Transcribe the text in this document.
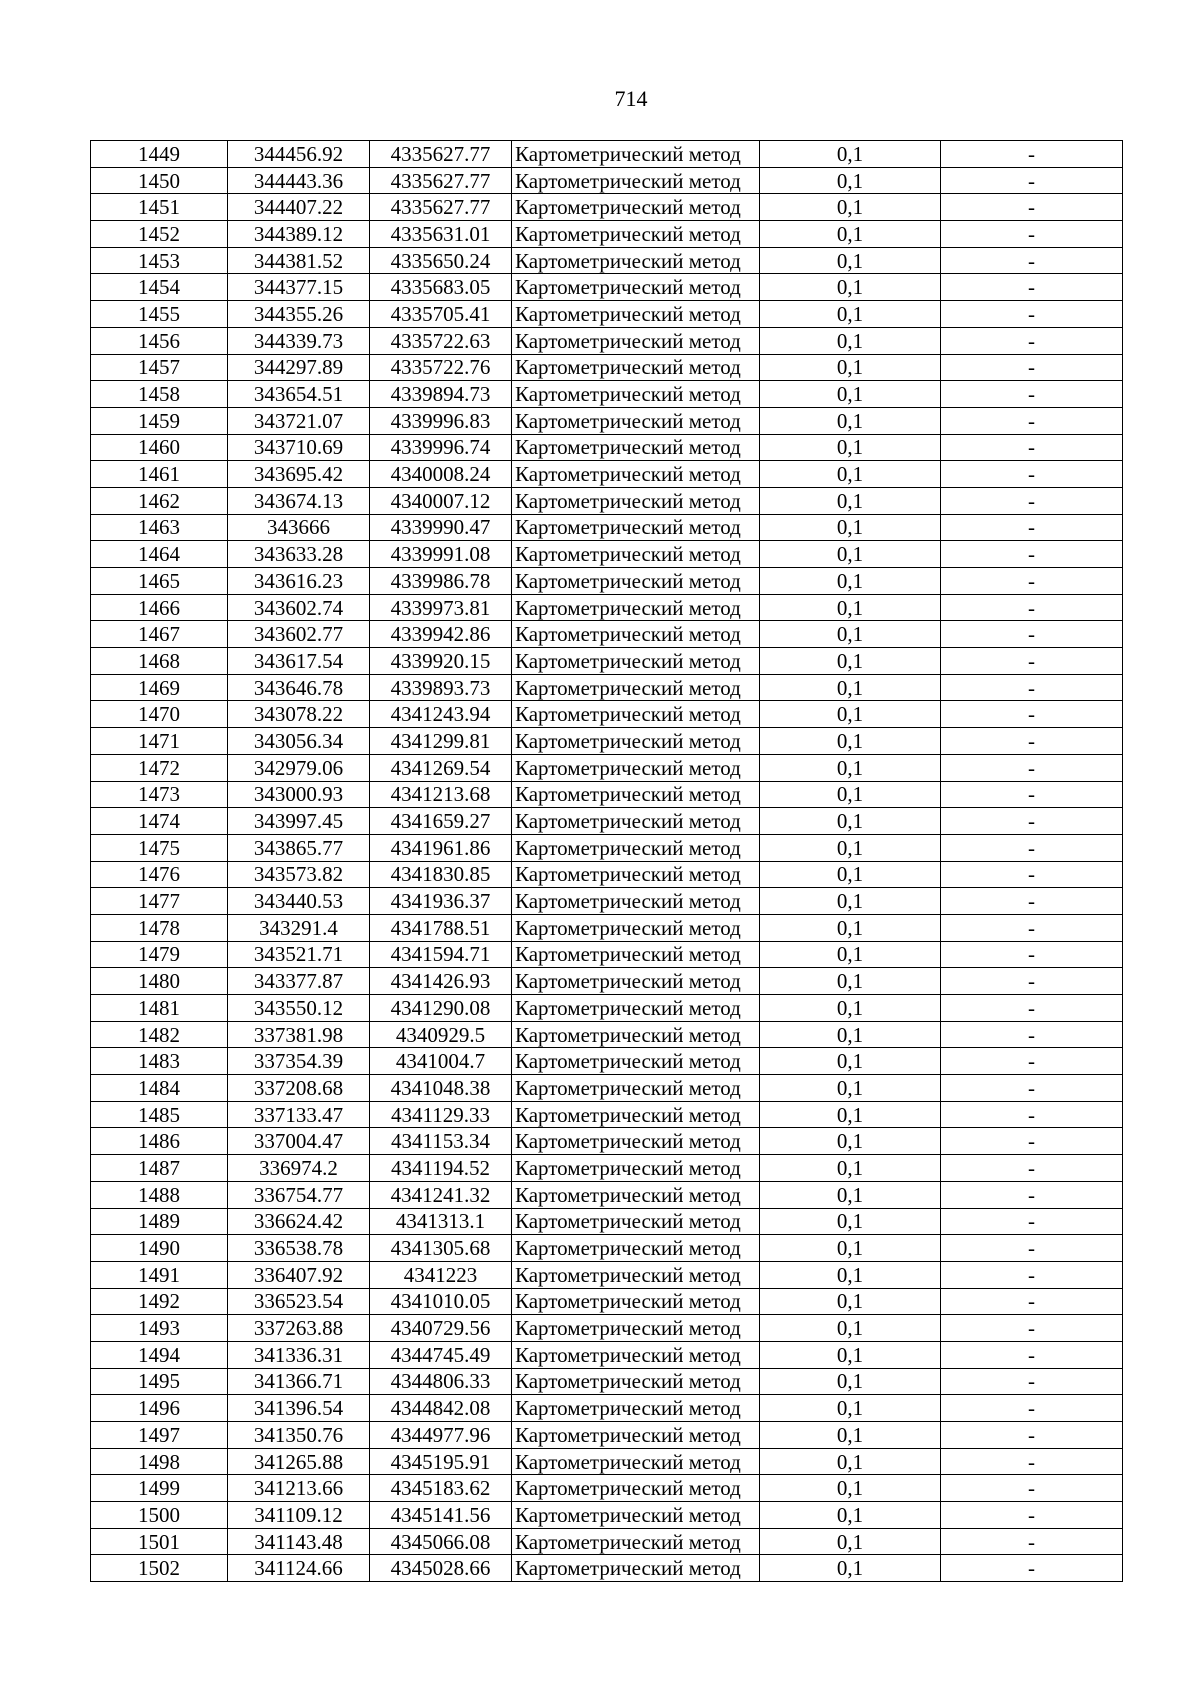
714
1449	344456.92	4335627.77	Картометрический метод	0,1	-
1450	344443.36	4335627.77	Картометрический метод	0,1	-
1451	344407.22	4335627.77	Картометрический метод	0,1	-
1452	344389.12	4335631.01	Картометрический метод	0,1	-
1453	344381.52	4335650.24	Картометрический метод	0,1	-
1454	344377.15	4335683.05	Картометрический метод	0,1	-
1455	344355.26	4335705.41	Картометрический метод	0,1	-
1456	344339.73	4335722.63	Картометрический метод	0,1	-
1457	344297.89	4335722.76	Картометрический метод	0,1	-
1458	343654.51	4339894.73	Картометрический метод	0,1	-
1459	343721.07	4339996.83	Картометрический метод	0,1	-
1460	343710.69	4339996.74	Картометрический метод	0,1	-
1461	343695.42	4340008.24	Картометрический метод	0,1	-
1462	343674.13	4340007.12	Картометрический метод	0,1	-
1463	343666	4339990.47	Картометрический метод	0,1	-
1464	343633.28	4339991.08	Картометрический метод	0,1	-
1465	343616.23	4339986.78	Картометрический метод	0,1	-
1466	343602.74	4339973.81	Картометрический метод	0,1	-
1467	343602.77	4339942.86	Картометрический метод	0,1	-
1468	343617.54	4339920.15	Картометрический метод	0,1	-
1469	343646.78	4339893.73	Картометрический метод	0,1	-
1470	343078.22	4341243.94	Картометрический метод	0,1	-
1471	343056.34	4341299.81	Картометрический метод	0,1	-
1472	342979.06	4341269.54	Картометрический метод	0,1	-
1473	343000.93	4341213.68	Картометрический метод	0,1	-
1474	343997.45	4341659.27	Картометрический метод	0,1	-
1475	343865.77	4341961.86	Картометрический метод	0,1	-
1476	343573.82	4341830.85	Картометрический метод	0,1	-
1477	343440.53	4341936.37	Картометрический метод	0,1	-
1478	343291.4	4341788.51	Картометрический метод	0,1	-
1479	343521.71	4341594.71	Картометрический метод	0,1	-
1480	343377.87	4341426.93	Картометрический метод	0,1	-
1481	343550.12	4341290.08	Картометрический метод	0,1	-
1482	337381.98	4340929.5	Картометрический метод	0,1	-
1483	337354.39	4341004.7	Картометрический метод	0,1	-
1484	337208.68	4341048.38	Картометрический метод	0,1	-
1485	337133.47	4341129.33	Картометрический метод	0,1	-
1486	337004.47	4341153.34	Картометрический метод	0,1	-
1487	336974.2	4341194.52	Картометрический метод	0,1	-
1488	336754.77	4341241.32	Картометрический метод	0,1	-
1489	336624.42	4341313.1	Картометрический метод	0,1	-
1490	336538.78	4341305.68	Картометрический метод	0,1	-
1491	336407.92	4341223	Картометрический метод	0,1	-
1492	336523.54	4341010.05	Картометрический метод	0,1	-
1493	337263.88	4340729.56	Картометрический метод	0,1	-
1494	341336.31	4344745.49	Картометрический метод	0,1	-
1495	341366.71	4344806.33	Картометрический метод	0,1	-
1496	341396.54	4344842.08	Картометрический метод	0,1	-
1497	341350.76	4344977.96	Картометрический метод	0,1	-
1498	341265.88	4345195.91	Картометрический метод	0,1	-
1499	341213.66	4345183.62	Картометрический метод	0,1	-
1500	341109.12	4345141.56	Картометрический метод	0,1	-
1501	341143.48	4345066.08	Картометрический метод	0,1	-
1502	341124.66	4345028.66	Картометрический метод	0,1	-
